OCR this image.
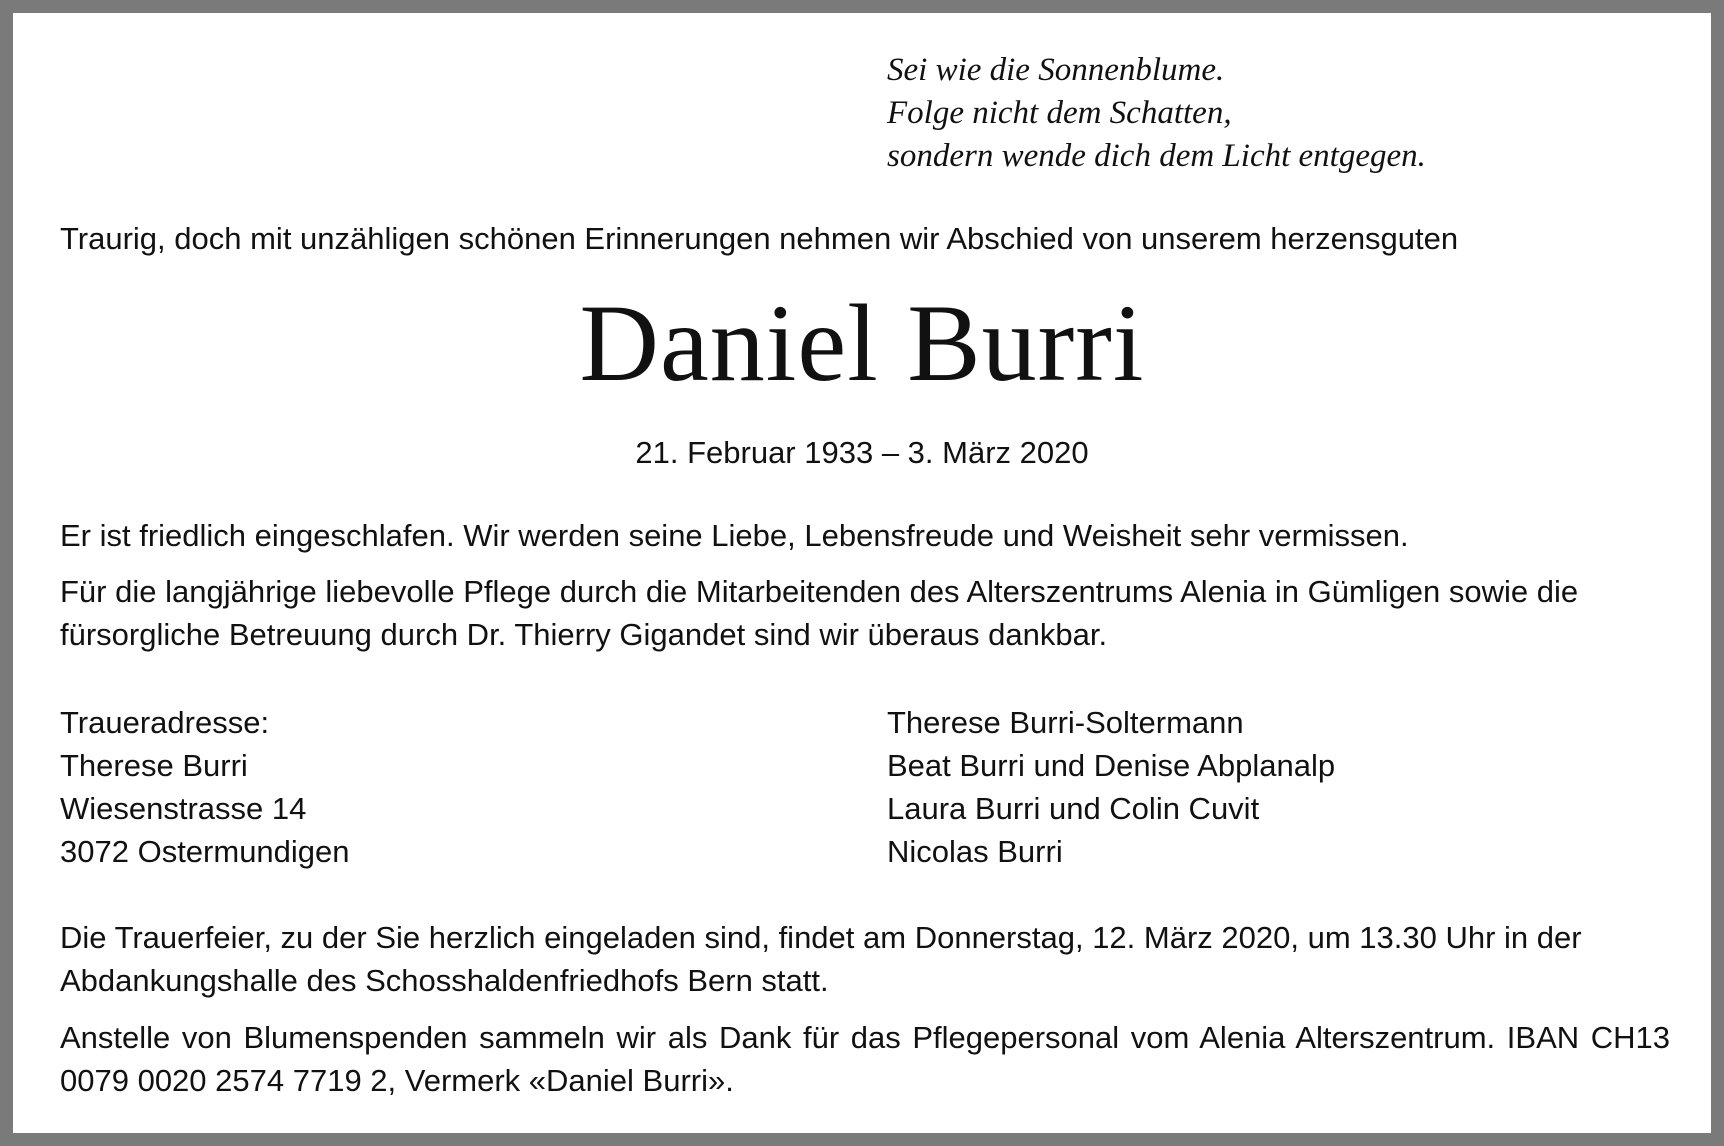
Sei wie die Sonnenblume.
Folge nicht dem Schatten,
sondern wende dich dem Licht entgegen.
Traurig, doch mit unzähligen schönen Erinnerungen nehmen wir Abschied von unserem herzensguten
Daniel Burri
21. Februar 1933 – 3. März 2020
Er ist friedlich eingeschlafen. Wir werden seine Liebe, Lebensfreude und Weisheit sehr vermissen.
Für die langjährige liebevolle Pflege durch die Mitarbeitenden des Alterszentrums Alenia in Gümligen sowie die fürsorgliche Betreuung durch Dr. Thierry Gigandet sind wir überaus dankbar.
Traueradresse:
Therese Burri
Wiesenstrasse 14
3072 Ostermundigen
Therese Burri-Soltermann
Beat Burri und Denise Abplanalp
Laura Burri und Colin Cuvit
Nicolas Burri
Die Trauerfeier, zu der Sie herzlich eingeladen sind, findet am Donnerstag, 12. März 2020, um 13.30 Uhr in der Abdankungshalle des Schosshaldenfriedhofs Bern statt.
Anstelle von Blumenspenden sammeln wir als Dank für das Pflegepersonal vom Alenia Alterszentrum. IBAN CH13 0079 0020 2574 7719 2, Vermerk «Daniel Burri».
